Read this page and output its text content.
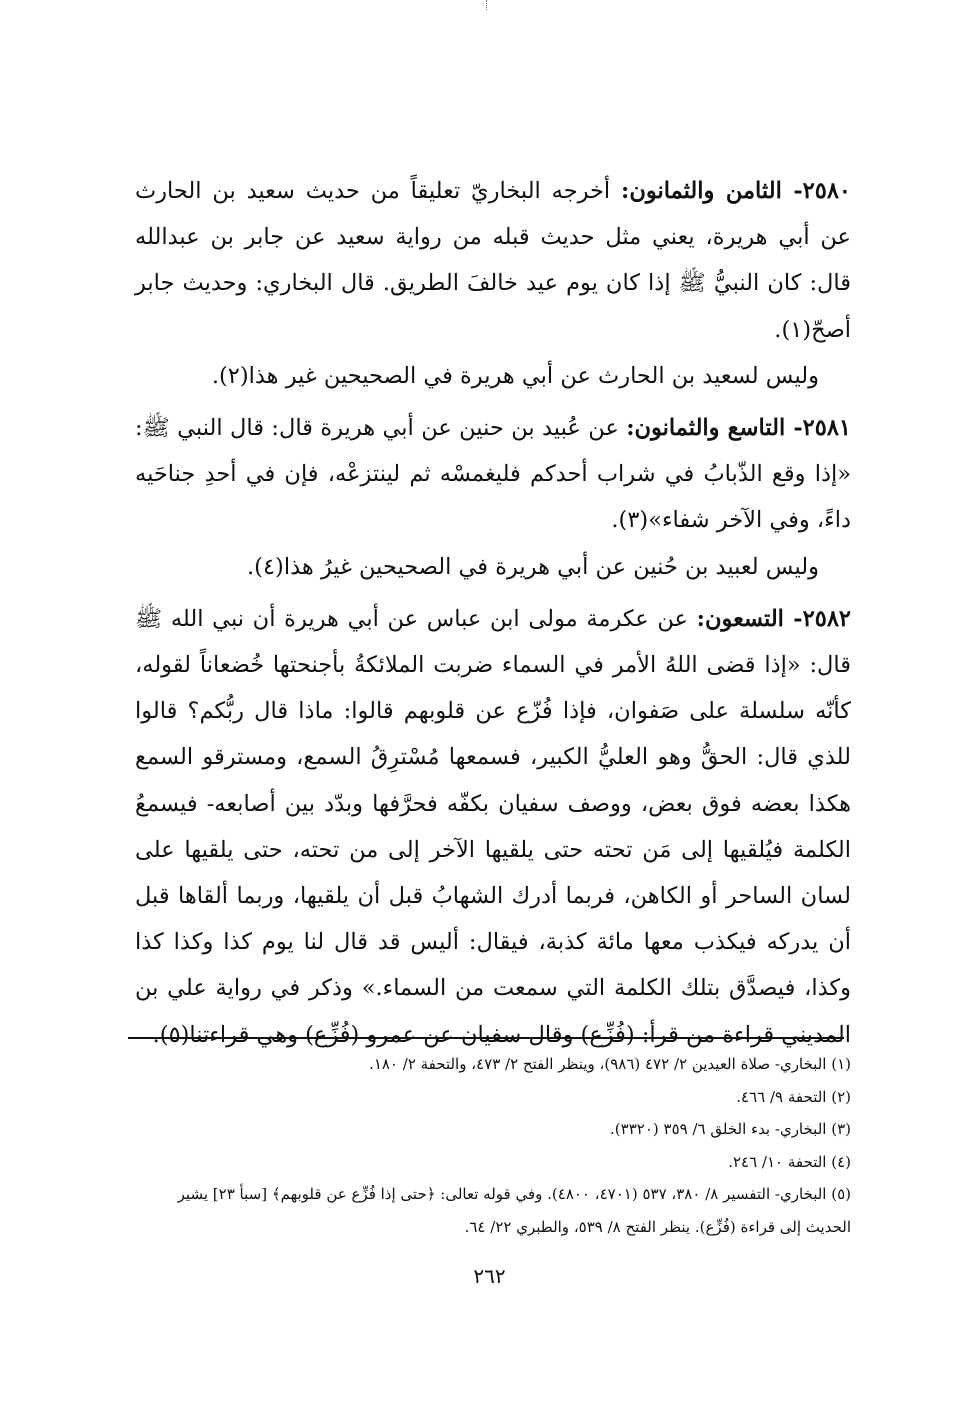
٢٥٨٠- الثامن والثمانون: أخرجه البخاريّ تعليقاً من حديث سعيد بن الحارث عن أبي هريرة، يعني مثل حديث قبله من رواية سعيد عن جابر بن عبدالله قال: كان النبيُّ ﷺ إذا كان يوم عيد خالفَ الطريق. قال البخاري: وحديث جابر أصحّ(١).

وليس لسعيد بن الحارث عن أبي هريرة في الصحيحين غير هذا(٢).

٢٥٨١- التاسع والثمانون: عن عُبيد بن حنين عن أبي هريرة قال: قال النبي ﷺ: «إذا وقع الذّبابُ في شراب أحدكم فليغمسْه ثم لينتزعْه، فإن في أحدِ جناحَيه داءً، وفي الآخر شفاء»(٣).

وليس لعبيد بن حُنين عن أبي هريرة في الصحيحين غيرُ هذا(٤).

٢٥٨٢- التسعون: عن عكرمة مولى ابن عباس عن أبي هريرة أن نبي الله ﷺ قال: «إذا قضى اللهُ الأمر في السماء ضربت الملائكةُ بأجنحتها خُضعاناً لقوله، كأنّه سلسلة على صَفوان، فإذا فُزّع عن قلوبهم قالوا: ماذا قال ربُّكم؟ قالوا للذي قال: الحقُّ وهو العليُّ الكبير، فسمعها مُسْترِقُ السمع، ومسترقو السمع هكذا بعضه فوق بعض، ووصف سفيان بكفّه فحرَّفها وبدّد بين أصابعه- فيسمعُ الكلمة فيُلقيها إلى مَن تحته حتى يلقيها الآخر إلى من تحته، حتى يلقيها على لسان الساحر أو الكاهن، فربما أدرك الشهابُ قبل أن يلقيها، وربما ألقاها قبل أن يدركه فيكذب معها مائة كذبة، فيقال: أليس قد قال لنا يوم كذا وكذا كذا وكذا، فيصدَّق بتلك الكلمة التي سمعت من السماء.» وذكر في رواية علي بن المديني قراءة من قرأ: (فُزِّع) وقال سفيان عن عمرو (فُزِّع) وهي قراءتنا(٥).

(١) البخاري- صلاة العيدين ٢/ ٤٧٢ (٩٨٦)، وينظر الفتح ٢/ ٤٧٣، والتحفة ٢/ ١٨٠.

(٢) التحفة ٩/ ٤٦٦.

(٣) البخاري- بدء الخلق ٦/ ٣٥٩ (٣٣٢٠).

(٤) التحفة ١٠/ ٢٤٦.

(٥) البخاري- التفسير ٨/ ٣٨٠، ٥٣٧ (٤٧٠١، ٤٨٠٠). وفي قوله تعالى: ﴿حتى إذا فُزِّع عن قلوبهم﴾ [سبأ ٢٣] يشير الحديث إلى قراءة (فُزِّع). ينظر الفتح ٨/ ٥٣٩، والطبري ٢٢/ ٦٤.

٢٦٢
